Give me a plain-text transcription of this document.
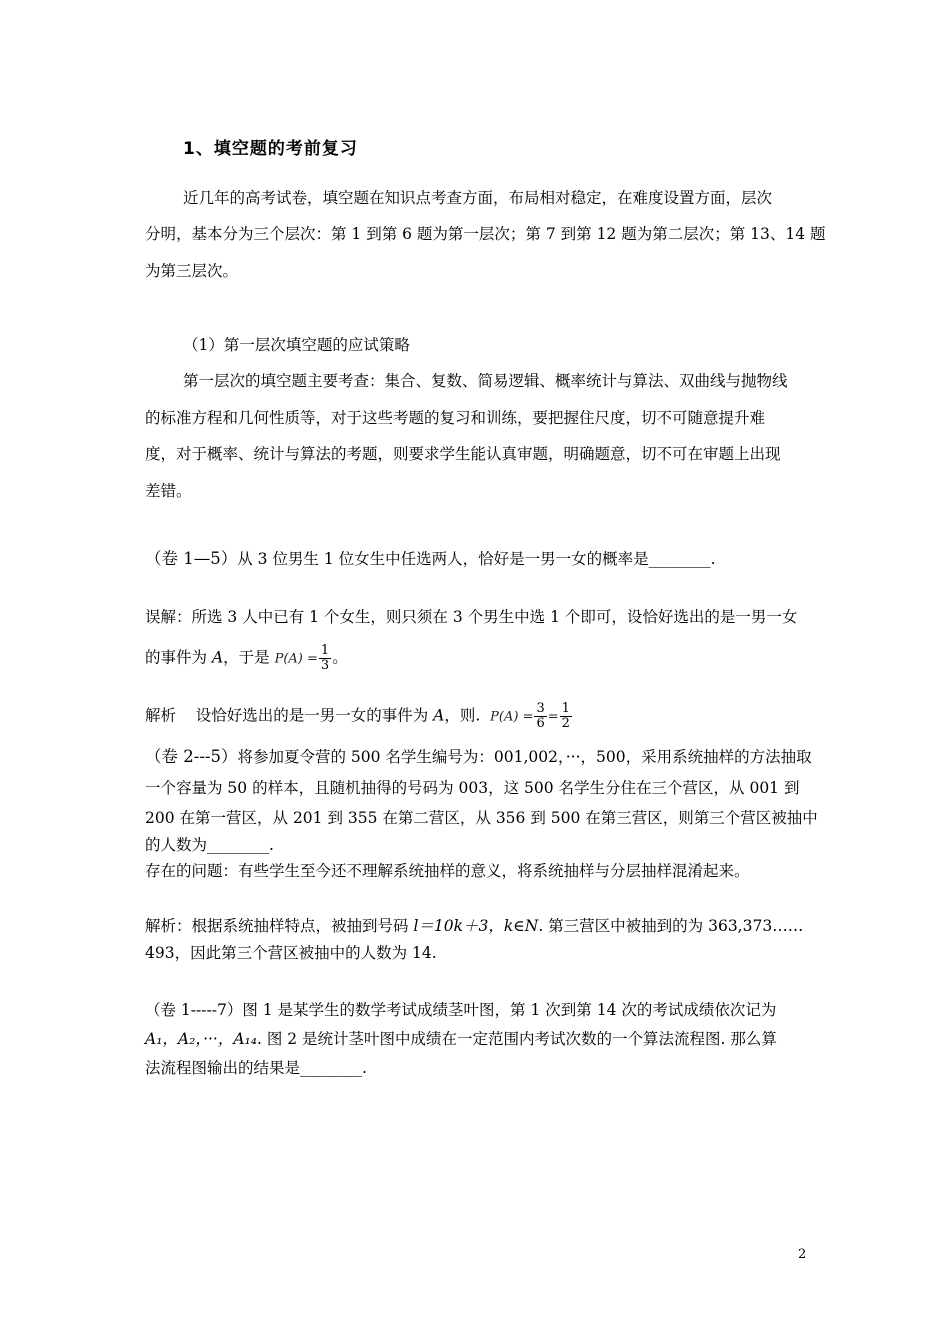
1、填空题的考前复习
近几年的高考试卷，填空题在知识点考查方面，布局相对稳定，在难度设置方面，层次
分明，基本分为三个层次：第 1 到第 6 题为第一层次；第 7 到第 12 题为第二层次；第 13、14 题
为第三层次。
（1）第一层次填空题的应试策略
第一层次的填空题主要考查：集合、复数、简易逻辑、概率统计与算法、双曲线与抛物线
的标准方程和几何性质等，对于这些考题的复习和训练，要把握住尺度，切不可随意提升难
度，对于概率、统计与算法的考题，则要求学生能认真审题，明确题意，切不可在审题上出现
差错。
（卷 1—5）从 3 位男生 1 位女生中任选两人，恰好是一男一女的概率是________.
误解：所选 3 人中已有 1 个女生，则只须在 3 个男生中选 1 个即可，设恰好选出的是一男一女
的事件为 A，于是 $P(A) = \frac{1}{3}$ 。
解析 设恰好选出的是一男一女的事件为 A，则. $P(A) = \frac{3}{6} = \frac{1}{2}$
（卷 2---5）将参加夏令营的 500 名学生编号为：001,002，···，500，采用系统抽样的方法抽取
一个容量为 50 的样本，且随机抽得的号码为 003，这 500 名学生分住在三个营区，从 001 到
200 在第一营区，从 201 到 355 在第二营区，从 356 到 500 在第三营区，则第三个营区被抽中
的人数为________.
存在的问题：有些学生至今还不理解系统抽样的意义，将系统抽样与分层抽样混淆起来。
解析：根据系统抽样特点，被抽到号码 l＝10k＋3，k∈N. 第三营区中被抽到的为 363,373……
493，因此第三个营区被抽中的人数为 14.
（卷 1-----7）图 1 是某学生的数学考试成绩茎叶图，第 1 次到第 14 次的考试成绩依次记为
A₁，A₂，···，A₁₄. 图 2 是统计茎叶图中成绩在一定范围内考试次数的一个算法流程图. 那么算
法流程图输出的结果是________.
2
